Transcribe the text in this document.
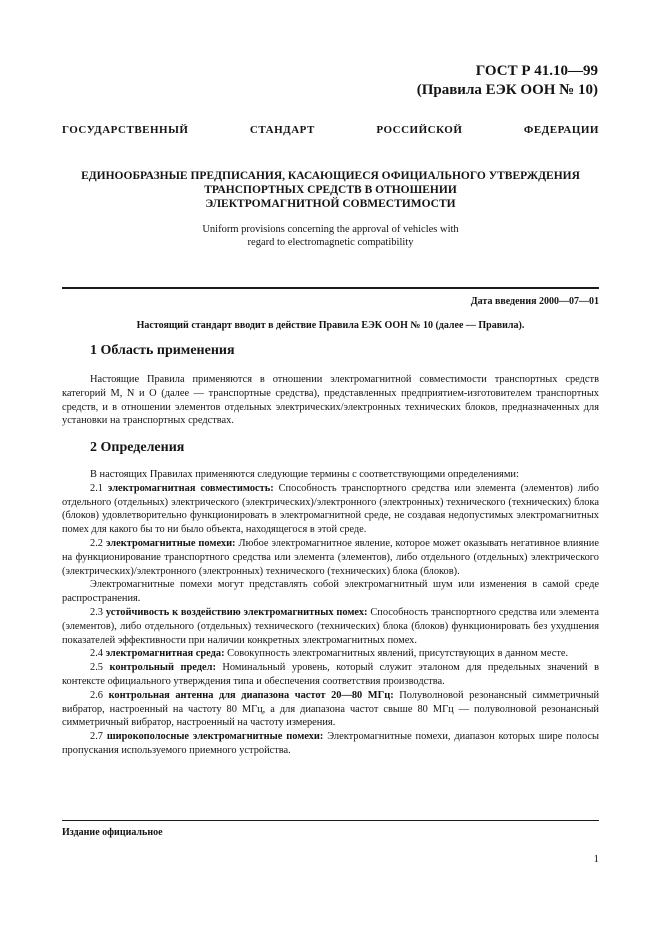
ГОСТ Р 41.10—99
(Правила ЕЭК ООН № 10)
ГОСУДАРСТВЕННЫЙ СТАНДАРТ РОССИЙСКОЙ ФЕДЕРАЦИИ
ЕДИНООБРАЗНЫЕ ПРЕДПИСАНИЯ, КАСАЮЩИЕСЯ ОФИЦИАЛЬНОГО УТВЕРЖДЕНИЯ
ТРАНСПОРТНЫХ СРЕДСТВ В ОТНОШЕНИИ
ЭЛЕКТРОМАГНИТНОЙ СОВМЕСТИМОСТИ
Uniform provisions concerning the approval of vehicles with
regard to electromagnetic compatibility
Дата введения 2000—07—01
Настоящий стандарт вводит в действие Правила ЕЭК ООН № 10 (далее — Правила).
1 Область применения

Настоящие Правила применяются в отношении электромагнитной совместимости транспортных средств категорий М, N и О (далее — транспортные средства), представленных предприятием-изготовителем транспортных средств, и в отношении элементов отдельных электрических/электронных технических блоков, предназначенных для установки на транспортных средствах.

2 Определения

В настоящих Правилах применяются следующие термины с соответствующими определениями:

2.1 электромагнитная совместимость: Способность транспортного средства или элемента (элементов) либо отдельного (отдельных) электрического (электрических)/электронного (электронных) технического (технических) блока (блоков) удовлетворительно функционировать в электромагнитной среде, не создавая недопустимых электромагнитных помех для какого бы то ни было объекта, находящегося в этой среде.

2.2 электромагнитные помехи: Любое электромагнитное явление, которое может оказывать негативное влияние на функционирование транспортного средства или элемента (элементов), либо отдельного (отдельных) электрического (электрических)/электронного (электронных) технического (технических) блока (блоков).

Электромагнитные помехи могут представлять собой электромагнитный шум или изменения в самой среде распространения.

2.3 устойчивость к воздействию электромагнитных помех: Способность транспортного средства или элемента (элементов), либо отдельного (отдельных) технического (технических) блока (блоков) функционировать без ухудшения показателей эффективности при наличии конкретных электромагнитных помех.

2.4 электромагнитная среда: Совокупность электромагнитных явлений, присутствующих в данном месте.

2.5 контрольный предел: Номинальный уровень, который служит эталоном для предельных значений в контексте официального утверждения типа и обеспечения соответствия производства.

2.6 контрольная антенна для диапазона частот 20—80 МГц: Полуволновой резонансный симметричный вибратор, настроенный на частоту 80 МГц, а для диапазона частот свыше 80 МГц — полуволновой резонансный симметричный вибратор, настроенный на частоту измерения.

2.7 широкополосные электромагнитные помехи: Электромагнитные помехи, диапазон которых шире полосы пропускания используемого приемного устройства.

Издание официальное
1
